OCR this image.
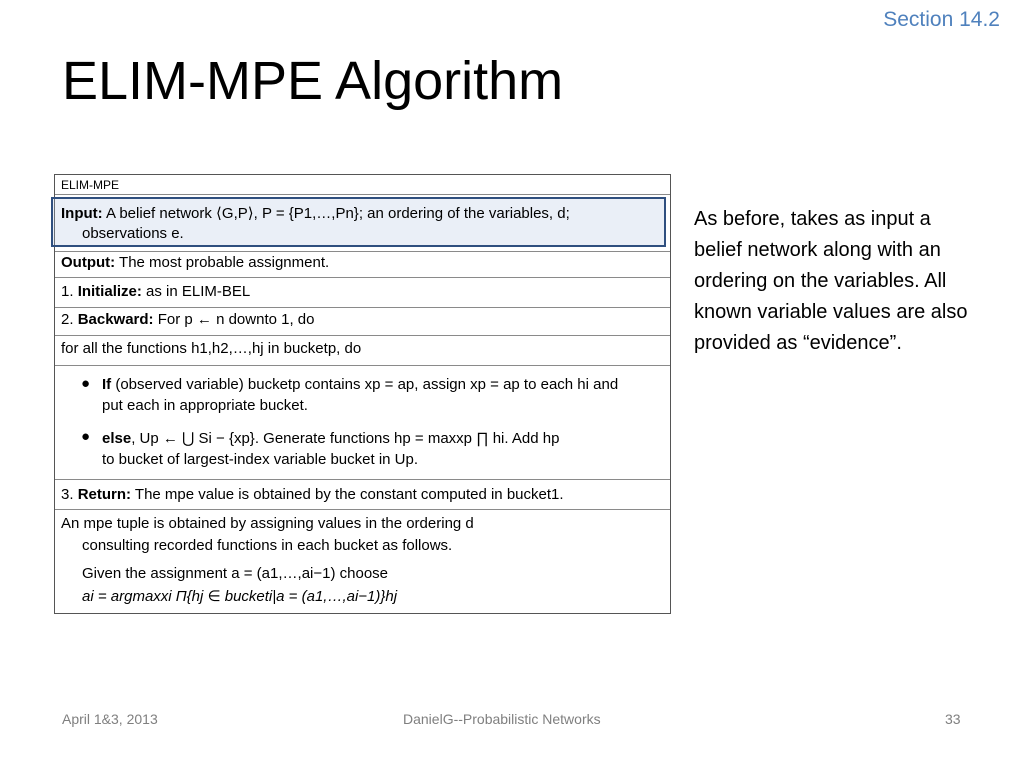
Section 14.2
ELIM-MPE Algorithm
ELIM-MPE
Input: A belief network ⟨G,P⟩, P = {P1,…,Pn}; an ordering of the variables, d;
observations e.
Output: The most probable assignment.
1. Initialize: as in ELIM-BEL
2. Backward: For p ← n downto 1, do
for all the functions h1,h2,…,hj in bucketp, do
● If (observed variable) bucketp contains xp = ap, assign xp = ap to each hi and
put each in appropriate bucket.
● else, Up ← ⋃ Si − {xp}. Generate functions hp = maxxp ∏ hi. Add hp
to bucket of largest-index variable bucket in Up.
3. Return: The mpe value is obtained by the constant computed in bucket1.
An mpe tuple is obtained by assigning values in the ordering d
consulting recorded functions in each bucket as follows.
Given the assignment a = (a1,…,ai−1) choose
ai = argmaxxi Π{hj ∈ bucketi|a = (a1,…,ai−1)}hj
As before, takes as input a belief network along with an ordering on the variables. All known variable values are also provided as “evidence”.
April 1&3, 2013	DanielG--Probabilistic Networks	33
